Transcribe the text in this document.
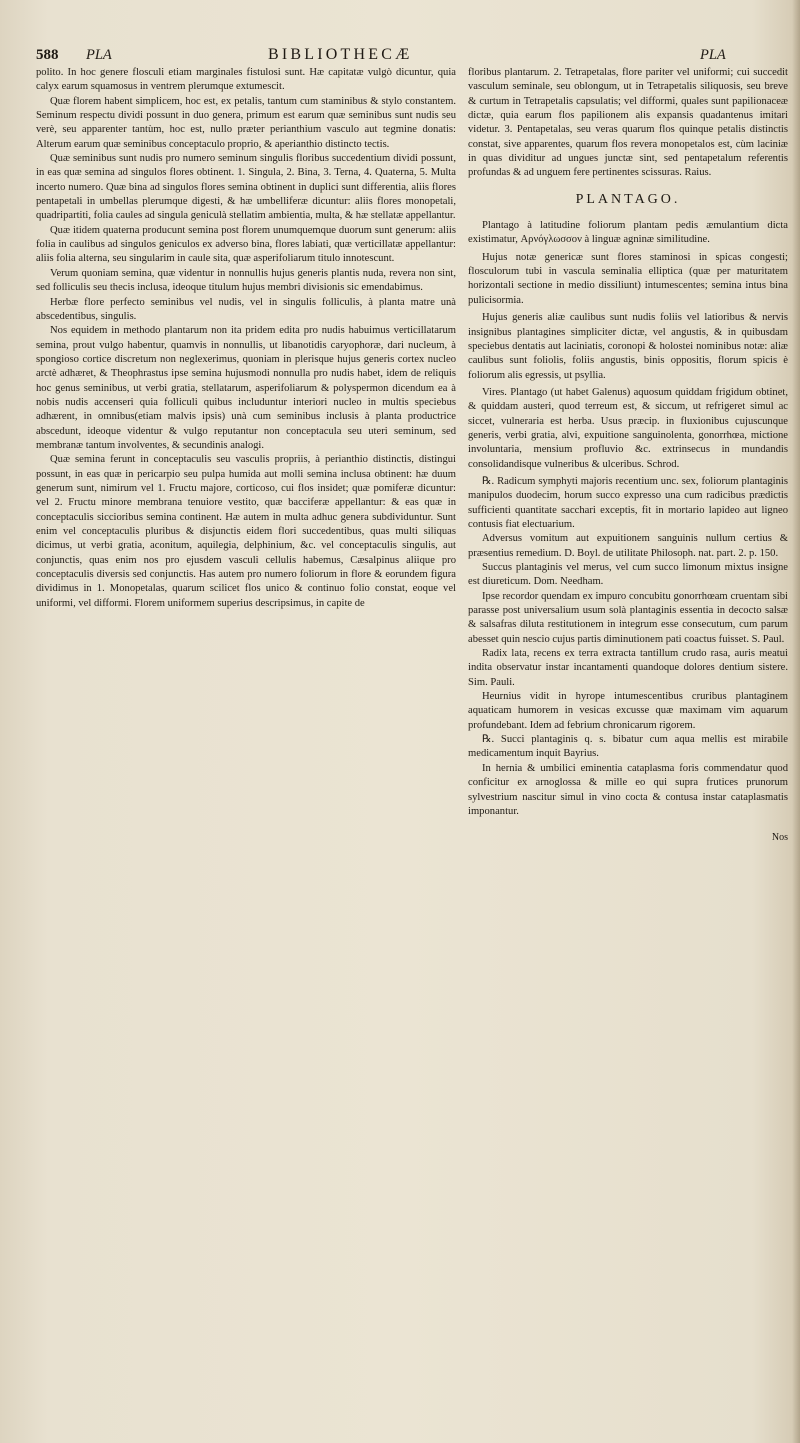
588 PLA	BIBLIOTHECÆ	PLA

polito. In hoc genere flosculi etiam marginales fistulosi sunt. Hæ capitatæ vulgò dicuntur, quia calyx earum squamosus in ventrem plerumque extumescit.

Quæ florem habent simplicem, hoc est, ex petalis, tantum cum staminibus & stylo constantem. Seminum respectu dividi possunt in duo genera, primum est earum quæ seminibus sunt nudis seu verè, seu apparenter tantùm, hoc est, nullo præter perianthium vasculo aut tegmine donatis: Alterum earum quæ seminibus conceptaculo proprio, & aperianthio distincto tectis.

Quæ seminibus sunt nudis pro numero seminum singulis floribus succedentium dividi possunt, in eas quæ semina ad singulos flores obtinent. 1. Singula, 2. Bina, 3. Terna, 4. Quaterna, 5. Multa incerto numero. Quæ bina ad singulos flores semina obtinent in duplici sunt differentia, aliis flores pentapetali in umbellas plerumque digesti, & hæ umbelliferæ dicuntur: aliis flores monopetali, quadripartiti, folia caules ad singula geniculà stellatim ambientia, multa, & hæ stellatæ appellantur.

Quæ itidem quaterna producunt semina post florem unumquemque duorum sunt generum: aliis folia in caulibus ad singulos geniculos ex adverso bina, flores labiati, quæ verticillatæ appellantur: aliis folia alterna, seu singularim in caule sita, quæ asperifoliarum titulo innotescunt.

Verum quoniam semina, quæ videntur in nonnullis hujus generis plantis nuda, revera non sint, sed folliculis seu thecis inclusa, ideoque titulum hujus membri divisionis sic emendabimus.

Herbæ flore perfecto seminibus vel nudis, vel in singulis folliculis, à planta matre unà abscedentibus, singulis.

Nos equidem in methodo plantarum non ita pridem edita pro nudis habuimus verticillatarum seminа, prout vulgo habentur, quamvis in nonnullis, ut libanotidis caryophoræ, dari nucleum, à spongioso cortice discretum non neglexerimus, quoniam in plerisque hujus generis cortex nucleo arctè adhæret, & Theophrastus ipse semina hujusmodi nonnulla pro nudis habet, idem de reliquis hoc genus seminibus, ut verbi gratia, stellatarum, asperifoliarum & polyspermon dicendum ea à nobis nudis accenseri quia folliculi quibus includuntur interiori nucleo in multis speciebus adhærent, in omnibus(etiam malvis ipsis) unà cum seminibus inclusis à planta productrice abscedunt, ideoque videntur & vulgo reputantur non conceptacula seu uteri seminum, sed membranæ tantum involventes, & secundinis analogi.

Quæ semina ferunt in conceptaculis seu vasculis propriis, à perianthio distinctis, distingui possunt, in eas quæ in pericarpio seu pulpa humida aut molli semina inclusa obtinent: hæ duum generum sunt, nimirum vel 1. Fructu majore, corticoso, cui flos insidet; quæ pomiferæ dicuntur: vel 2. Fructu minore membrana tenuiore vestito, quæ bacciferæ appellantur: & eas quæ in conceptaculis siccioribus semina continent. Hæ autem in multa adhuc genera subdividuntur. Sunt enim vel conceptaculis pluribus & disjunctis eidem flori succedentibus, quas multi siliquas dicimus, ut verbi gratia, aconitum, aquilegia, delphinium, &c. vel conceptaculis singulis, aut conjunctis, quas enim nos pro ejusdem vasculi cellulis habemus, Cæsalpinus aliique pro conceptaculis diversis sed conjunctis. Has autem pro numero foliorum in flore & eorundem figura dividimus in 1. Monopetalas, quarum scilicet flos unico & continuo folio constat, eoque vel uniformi, vel difformi. Florem uniformem superius descripsimus, in capite de

floribus plantarum. 2. Tetrapetalas, flore pariter vel uniformi; cui succedit vasculum seminale, seu oblongum, ut in Tetrapetalis siliquosis, seu breve & curtum in Tetrapetalis capsulatis; vel difformi, quales sunt papilionaceæ dictæ, quia earum flos papilionem alis expansis quadantenus imitari videtur. 3. Pentapetalas, seu veras quarum flos quinque petalis distinctis constat, sive apparentes, quarum flos revera monopetalos est, cùm laciniæ in quas dividitur ad ungues junctæ sint, sed pentapetalum referentis profundas & ad unguem fere pertinentes scissuras. Raius.

PLANTAGO.

Plantago à latitudine foliorum plantam pedis æmulantium dicta existimatur, Αρνόγλωσσον à linguæ agninæ similitudine.

Hujus notæ genericæ sunt flores staminosi in spicas congesti; flosculorum tubi in vasculа seminalia elliptica (quæ per maturitatem horizontali sectione in medio dissiliunt) intumescentes; semina intus bina pulicisormia.

Hujus generis aliæ caulibus sunt nudis foliis vel latioribus & nervis insignibus plantagines simpliciter dictæ, vel angustis, & in quibusdam speciebus dentatis aut laciniatis, coronopi & holostei nominibus notæ: aliæ caulibus sunt foliolis, foliis angustis, binis oppositis, florum spicis è foliorum alis egressis, ut psyllia.

Vires. Plantago (ut habet Galenus) aquosum quiddam frigidum obtinet, & quiddam austeri, quod terreum est, & siccum, ut refrigeret simul ac siccet, vulneraria est herba. Usus præcip. in fluxionibus cujuscunque generis, verbi gratia, alvi, expuitione sanguinolenta, gonorrhœa, mictione involuntaria, mensium profluvio &c. extrinsecus in mundandis consolidandisque vulneribus & ulceribus. Schrod.

℞. Radicum symphyti majoris recentium unc. sex, foliorum plantaginis manipulos duodecim, horum succo expresso una cum radicibus prædictis sufficienti quantitate sacchari exceptis, fit in mortario lapideo aut ligneo contusis fiat electuarium.

Adversus vomitum aut expuitionem sanguinis nullum certius & præsentius remedium. D. Boyl. de utilitate Philosoph. nat. part. 2. p. 150.

Succus plantaginis vel merus, vel cum succo limonum mixtus insigne est diureticum. Dom. Needham.

Ipse recordor quendam ex impuro concubitu gonorrhœam cruentam sibi parasse post universalium usum solà plantaginis essentia in decocto salsæ & salsafras diluta restitutionem in integrum esse consecutum, cum parum abesset quin nescio cujus partis diminutionem pati coactus fuisset. S. Paul.

Radix lata, recens ex terra extracta tantillum crudo rasa, auris meatui indita observatur instar incantamenti quandoque dolores dentium sistere. Sim. Pauli.

Heurnius vidit in hyrope intumescentibus cruribus plantaginem aquaticam humorem in vesicas excusse quæ maximam vim aquarum profundebant. Idem ad febrium chronicarum rigorem.

℞. Succi plantaginis q. s. bibatur cum aqua mellis est mirabile medicamentum inquit Bayrius.

In hernia & umbilici eminentia cataplasma foris commendatur quod conficitur ex arnoglossa & mille eo qui supra frutices prunorum sylvestrium nascitur simul in vino cocta & contusa instar cataplasmatis imponantur.

Nos
